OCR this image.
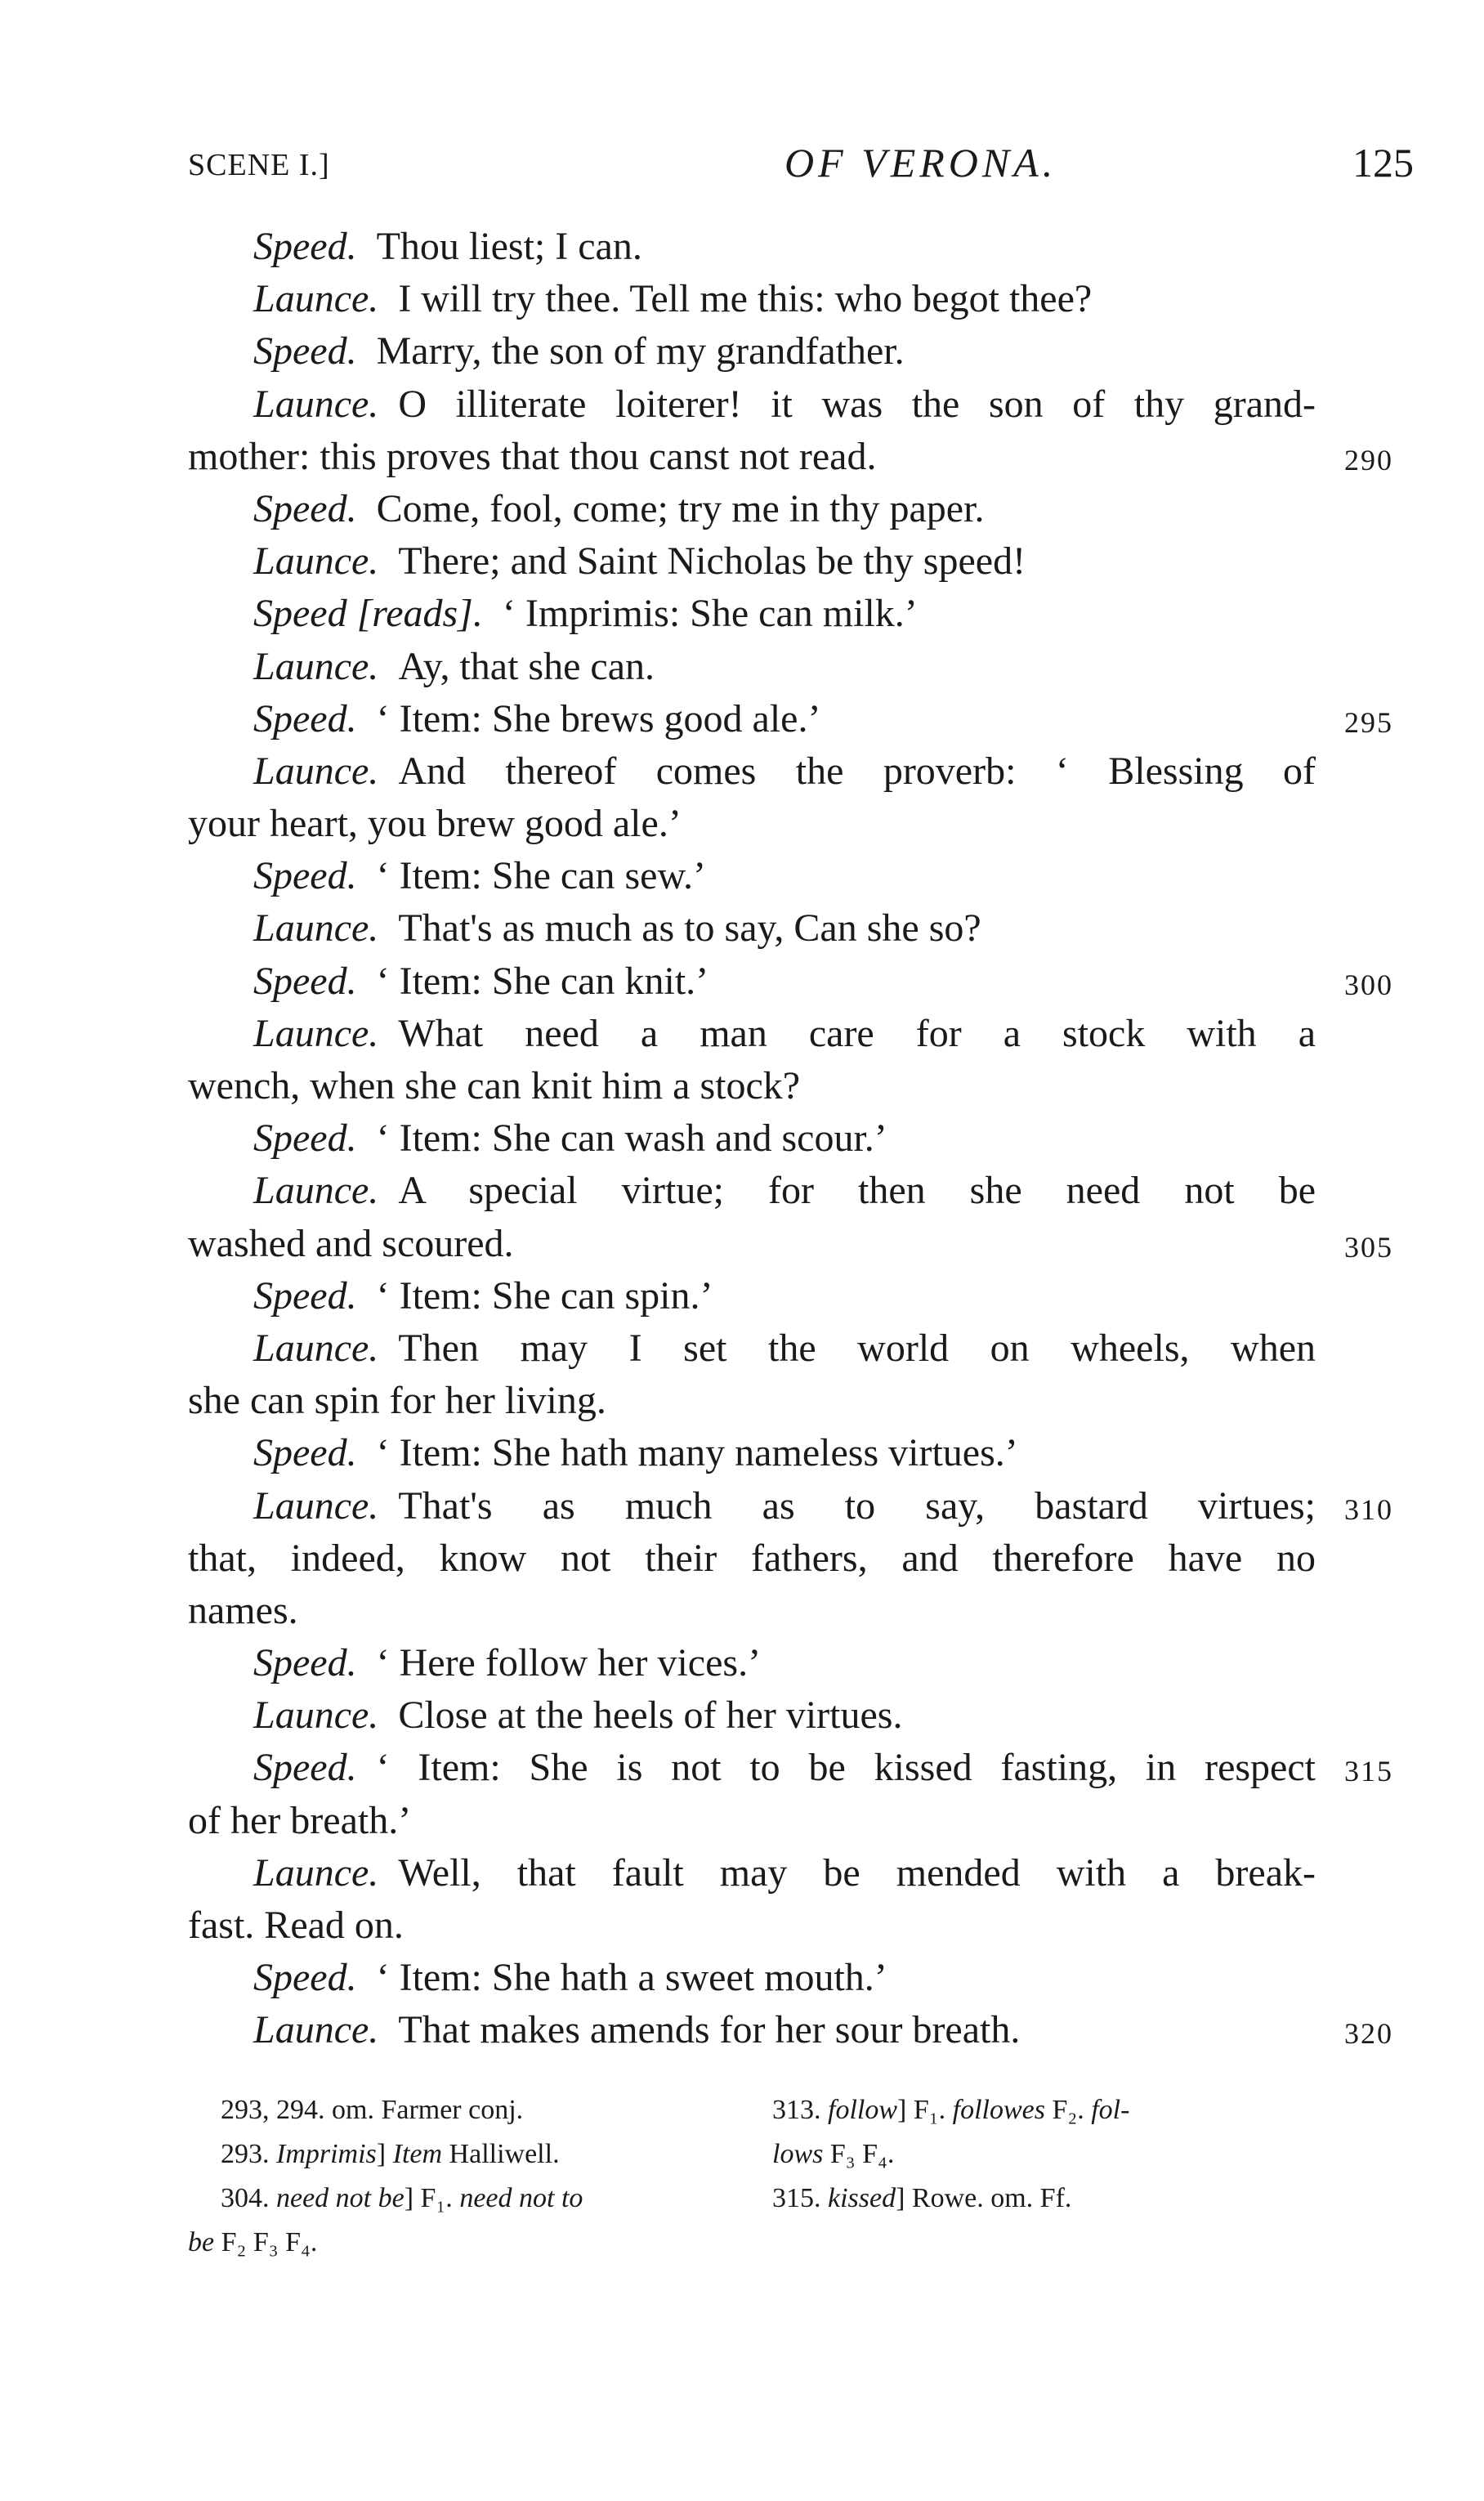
SCENE I.]	OF VERONA.	125
Speed.  Thou liest; I can.
Launce.  I will try thee. Tell me this: who begot thee?
Speed.  Marry, the son of my grandfather.
Launce.  O illiterate loiterer! it was the son of thy grand-
mother: this proves that thou canst not read.	290
Speed.  Come, fool, come; try me in thy paper.
Launce.  There; and Saint Nicholas be thy speed!
Speed [reads].  ‘ Imprimis: She can milk.’
Launce.  Ay, that she can.
Speed.  ‘ Item: She brews good ale.’	295
Launce.  And thereof comes the proverb: ‘ Blessing of
your heart, you brew good ale.’
Speed.  ‘ Item: She can sew.’
Launce.  That's as much as to say, Can she so?
Speed.  ‘ Item: She can knit.’	300
Launce.  What need a man care for a stock with a
wench, when she can knit him a stock?
Speed.  ‘ Item: She can wash and scour.’
Launce.  A special virtue; for then she need not be
washed and scoured.	305
Speed.  ‘ Item: She can spin.’
Launce.  Then may I set the world on wheels, when
she can spin for her living.
Speed.  ‘ Item: She hath many nameless virtues.’
Launce.  That's as much as to say, bastard virtues; 310
that, indeed, know not their fathers, and therefore have no
names.
Speed.  ‘ Here follow her vices.’
Launce.  Close at the heels of her virtues.
Speed.  ‘ Item: She is not to be kissed fasting, in respect 315
of her breath.’
Launce.  Well, that fault may be mended with a break-
fast. Read on.
Speed.  ‘ Item: She hath a sweet mouth.’
Launce.  That makes amends for her sour breath.	320
293, 294. om. Farmer conj.
293. Imprimis] Item Halliwell.
304. need not be] F₁. need not to
be F₂ F₃ F₄.
313. follow] F₁. followes F₂. fol-
lows F₃ F₄.
315. kissed] Rowe. om. Ff.
